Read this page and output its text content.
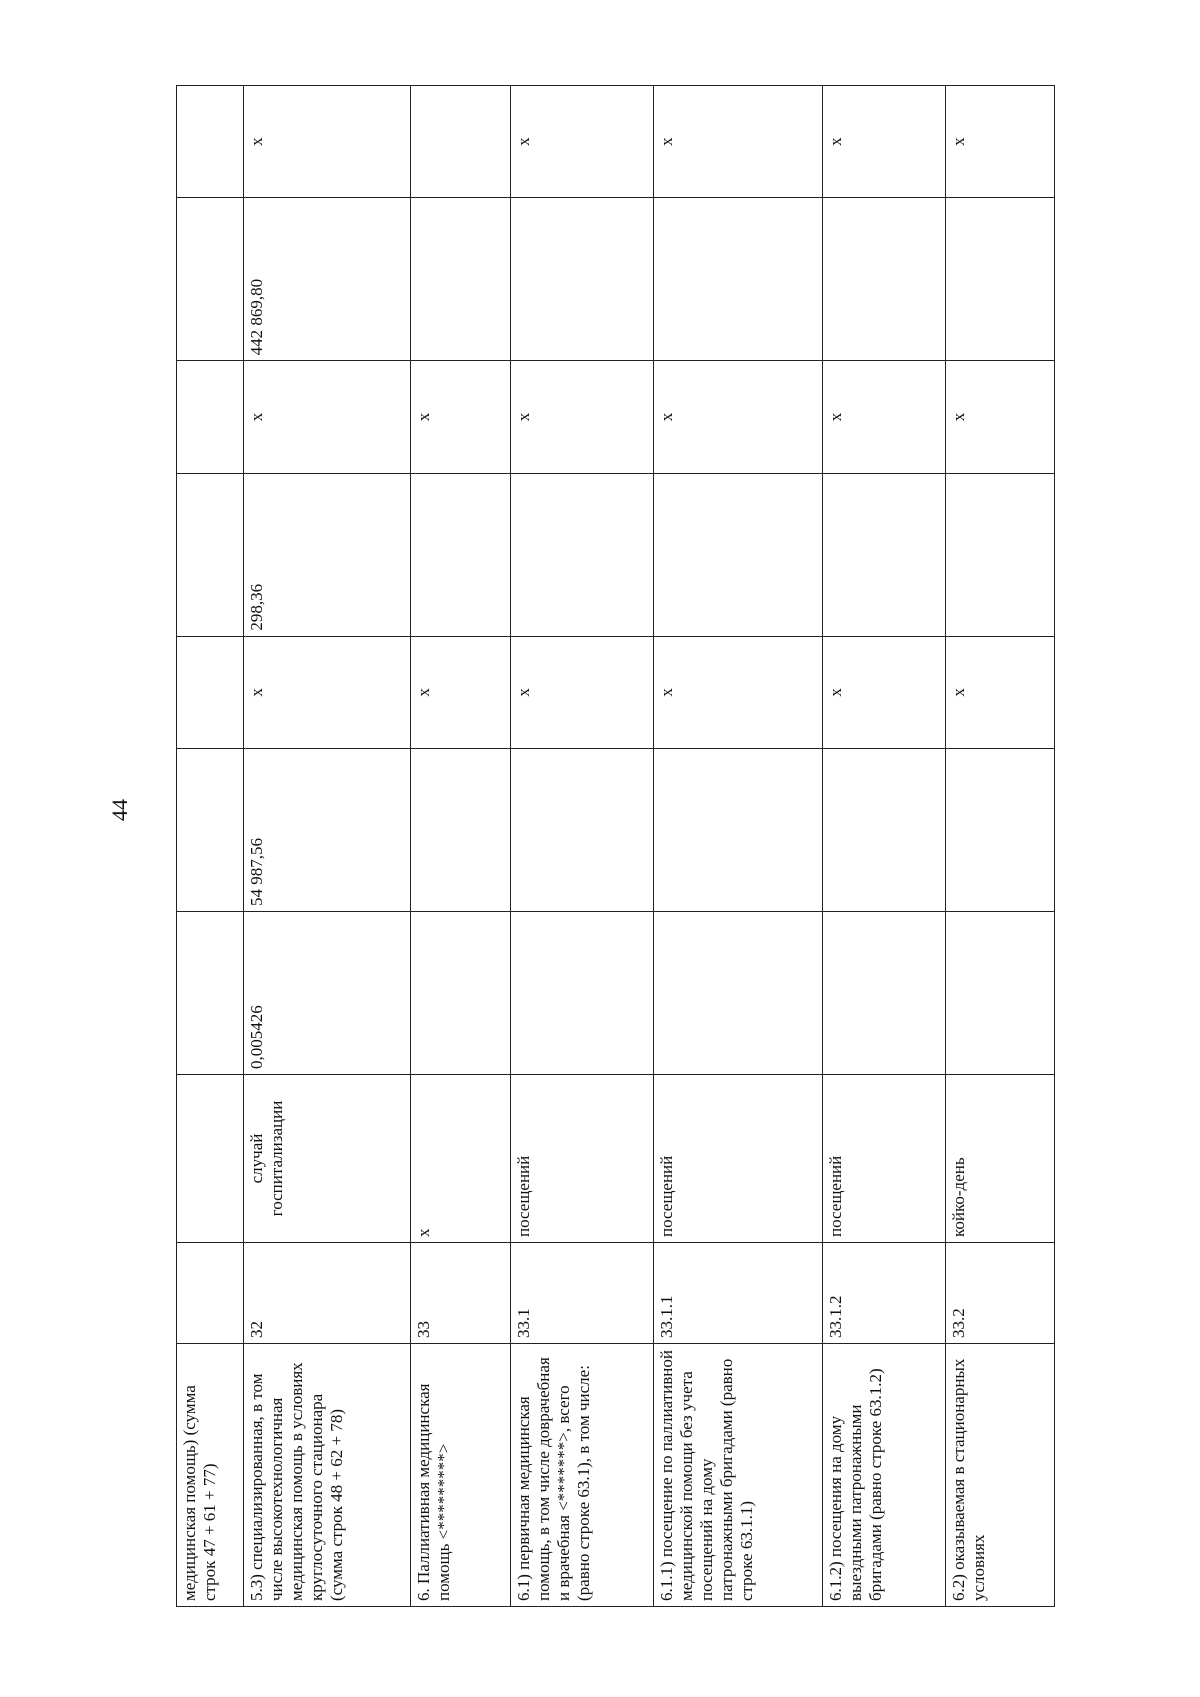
44
медицинская помощь) (сумма строк 47 + 61 + 77)									
5.3) специализированная, в том числе высокотехнологичная медицинская помощь в условиях круглосуточного стационара (сумма строк 48 + 62 + 78)	32	случай госпитализации	0,005426	54 987,56	x	298,36	x	442 869,80	x
6. Паллиативная медицинская помощь <*********>	33	x			x		x		
6.1) первичная медицинская помощь, в том числе доврачебная и врачебная <*******>, всего (равно строке 63.1), в том числе:	33.1	посещений			x		x		x
6.1.1) посещение по паллиативной медицинской помощи без учета посещений на дому патронажными бригадами (равно строке 63.1.1)	33.1.1	посещений			x		x		x
6.1.2) посещения на дому выездными патронажными бригадами (равно строке 63.1.2)	33.1.2	посещений			x		x		x
6.2) оказываемая в стационарных условиях	33.2	койко-день			x		x		x
